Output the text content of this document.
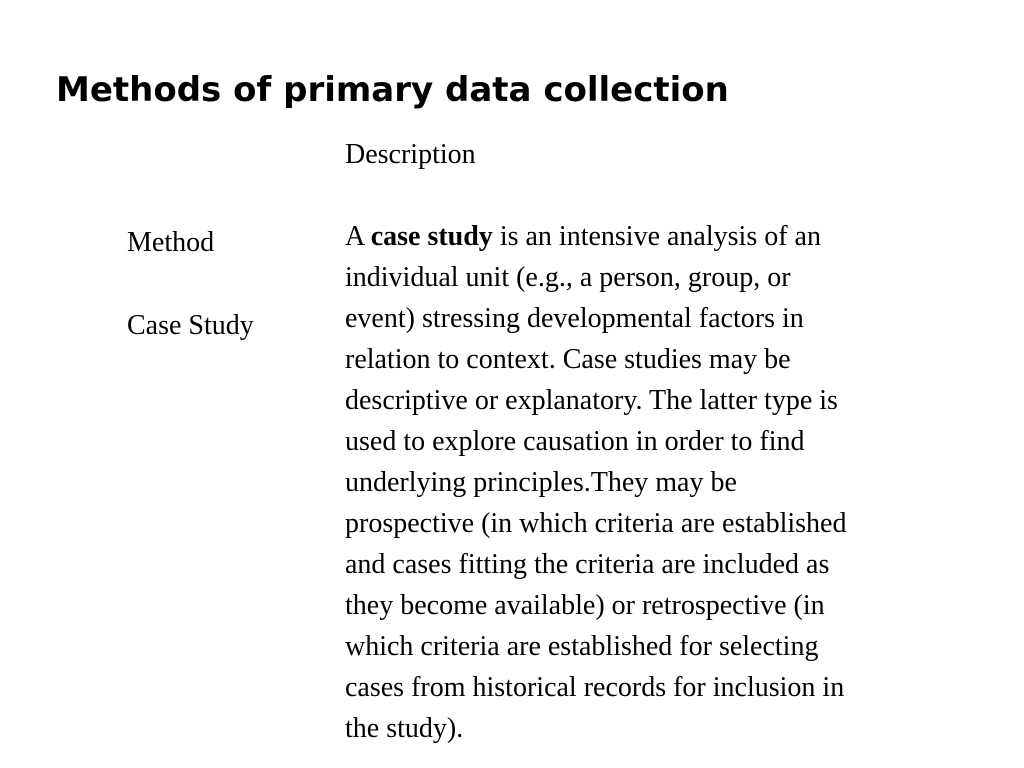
Methods of primary data collection
Description
Method
Case Study
A case study is an intensive analysis of an
individual unit (e.g., a person, group, or
event) stressing developmental factors in
relation to context. Case studies may be
descriptive or explanatory. The latter type is
used to explore causation in order to find
underlying principles.They may be
prospective (in which criteria are established
and cases fitting the criteria are included as
they become available) or retrospective (in
which criteria are established for selecting
cases from historical records for inclusion in
the study).
